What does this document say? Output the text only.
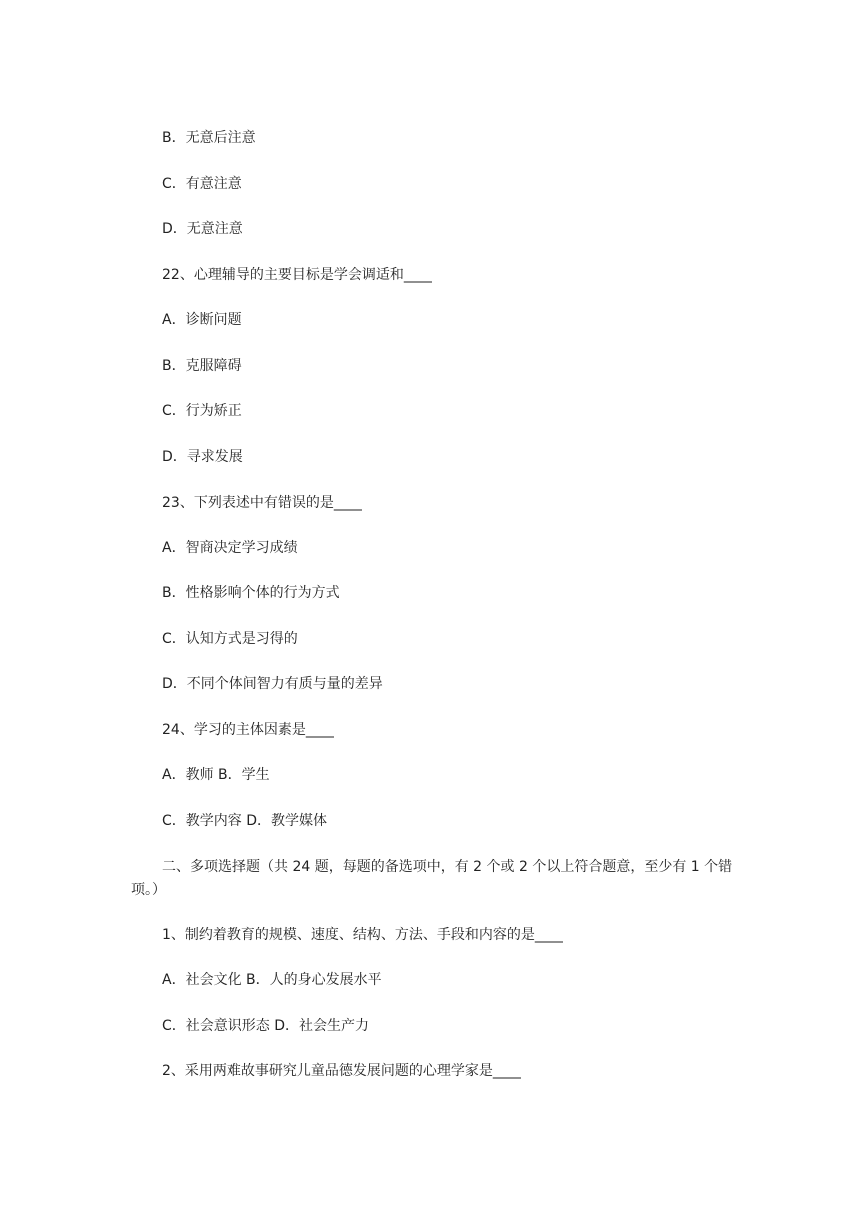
B．无意后注意
C．有意注意
D．无意注意
22、心理辅导的主要目标是学会调适和____
A．诊断问题
B．克服障碍
C．行为矫正
D．寻求发展
23、下列表述中有错误的是____
A．智商决定学习成绩
B．性格影响个体的行为方式
C．认知方式是习得的
D．不同个体间智力有质与量的差异
24、学习的主体因素是____
A．教师 B．学生
C．教学内容 D．教学媒体
二、多项选择题（共 24 题，每题的备选项中，有 2 个或 2 个以上符合题意，至少有 1 个错项。）
1、制约着教育的规模、速度、结构、方法、手段和内容的是____
A．社会文化 B．人的身心发展水平
C．社会意识形态 D．社会生产力
2、采用两难故事研究儿童品德发展问题的心理学家是____
